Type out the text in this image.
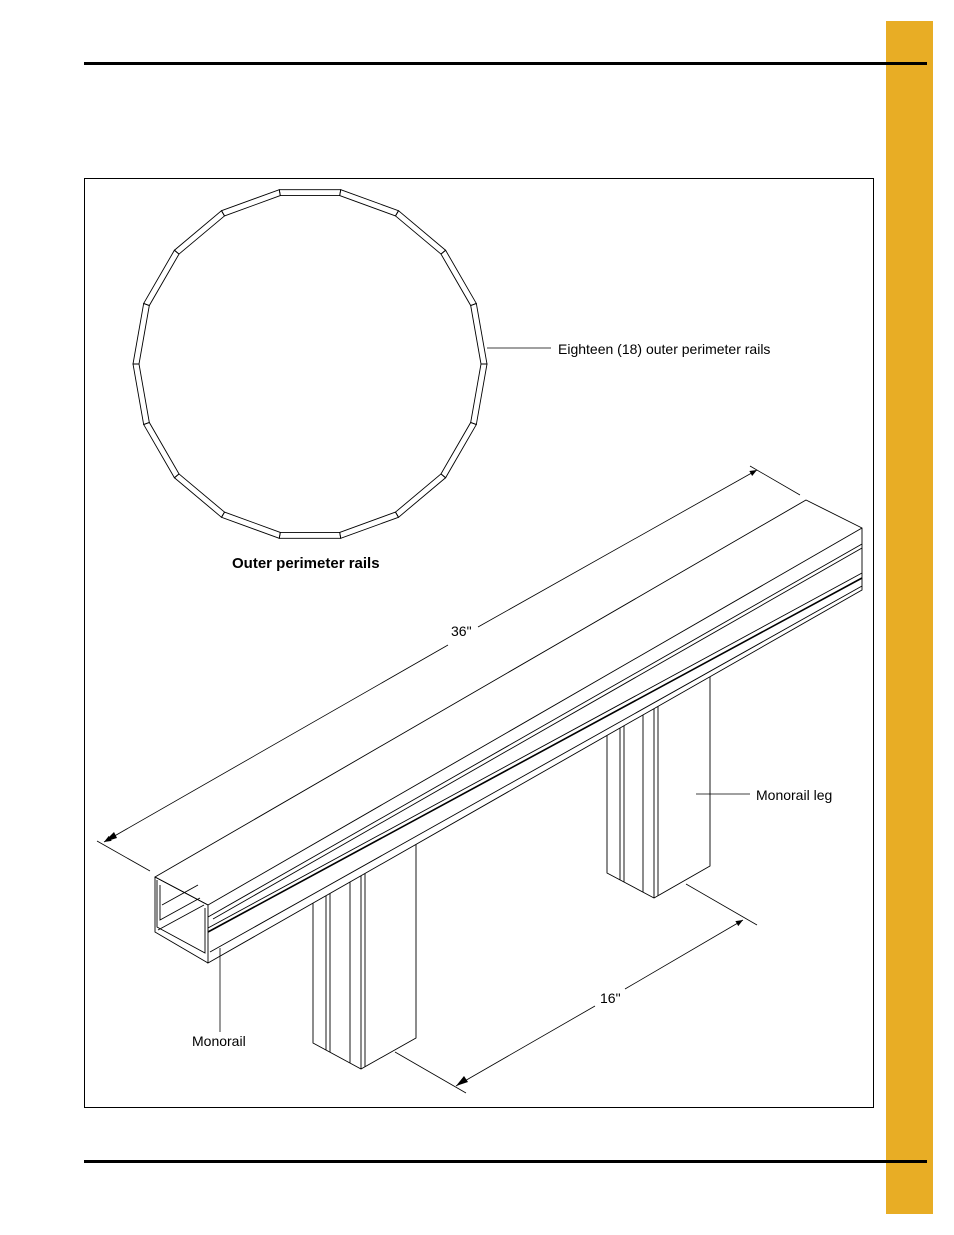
Eighteen (18) outer perimeter rails
Outer perimeter rails
36"
Monorail leg
16"
Monorail
